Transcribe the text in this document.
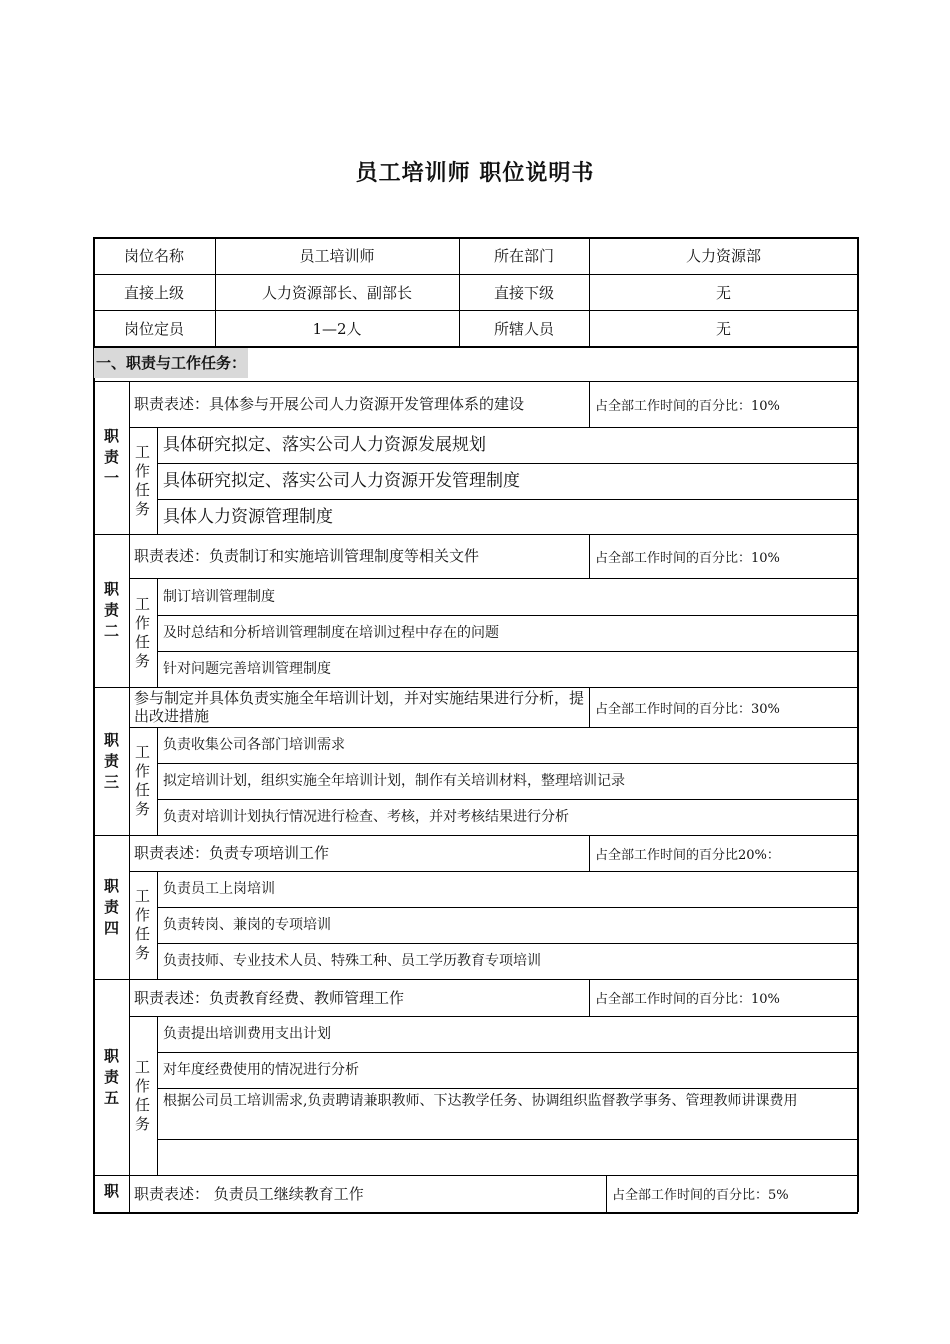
员工培训师 职位说明书
岗位名称	员工培训师	所在部门	人力资源部
直接上级	人力资源部长、副部长	直接下级	无
岗位定员	1—2人	所辖人员	无
一、职责与工作任务：
职责一
职责表述：具体参与开展公司人力资源开发管理体系的建设	占全部工作时间的百分比：10%
工作任务
具体研究拟定、落实公司人力资源发展规划
具体研究拟定、落实公司人力资源开发管理制度
具体人力资源管理制度
职责二
职责表述：负责制订和实施培训管理制度等相关文件	占全部工作时间的百分比：10%
工作任务
制订培训管理制度
及时总结和分析培训管理制度在培训过程中存在的问题
针对问题完善培训管理制度
职责三
参与制定并具体负责实施全年培训计划，并对实施结果进行分析，提出改进措施	占全部工作时间的百分比：30%
工作任务
负责收集公司各部门培训需求
拟定培训计划，组织实施全年培训计划，制作有关培训材料，整理培训记录
负责对培训计划执行情况进行检查、考核，并对考核结果进行分析
职责四
职责表述：负责专项培训工作	占全部工作时间的百分比20%：
工作任务
负责员工上岗培训
负责转岗、兼岗的专项培训
负责技师、专业技术人员、特殊工种、员工学历教育专项培训
职责五
职责表述：负责教育经费、教师管理工作	占全部工作时间的百分比：10%
工作任务
负责提出培训费用支出计划
对年度经费使用的情况进行分析
根据公司员工培训需求,负责聘请兼职教师、下达教学任务、协调组织监督教学事务、管理教师讲课费用
职 职责表述： 负责员工继续教育工作	占全部工作时间的百分比：5%
